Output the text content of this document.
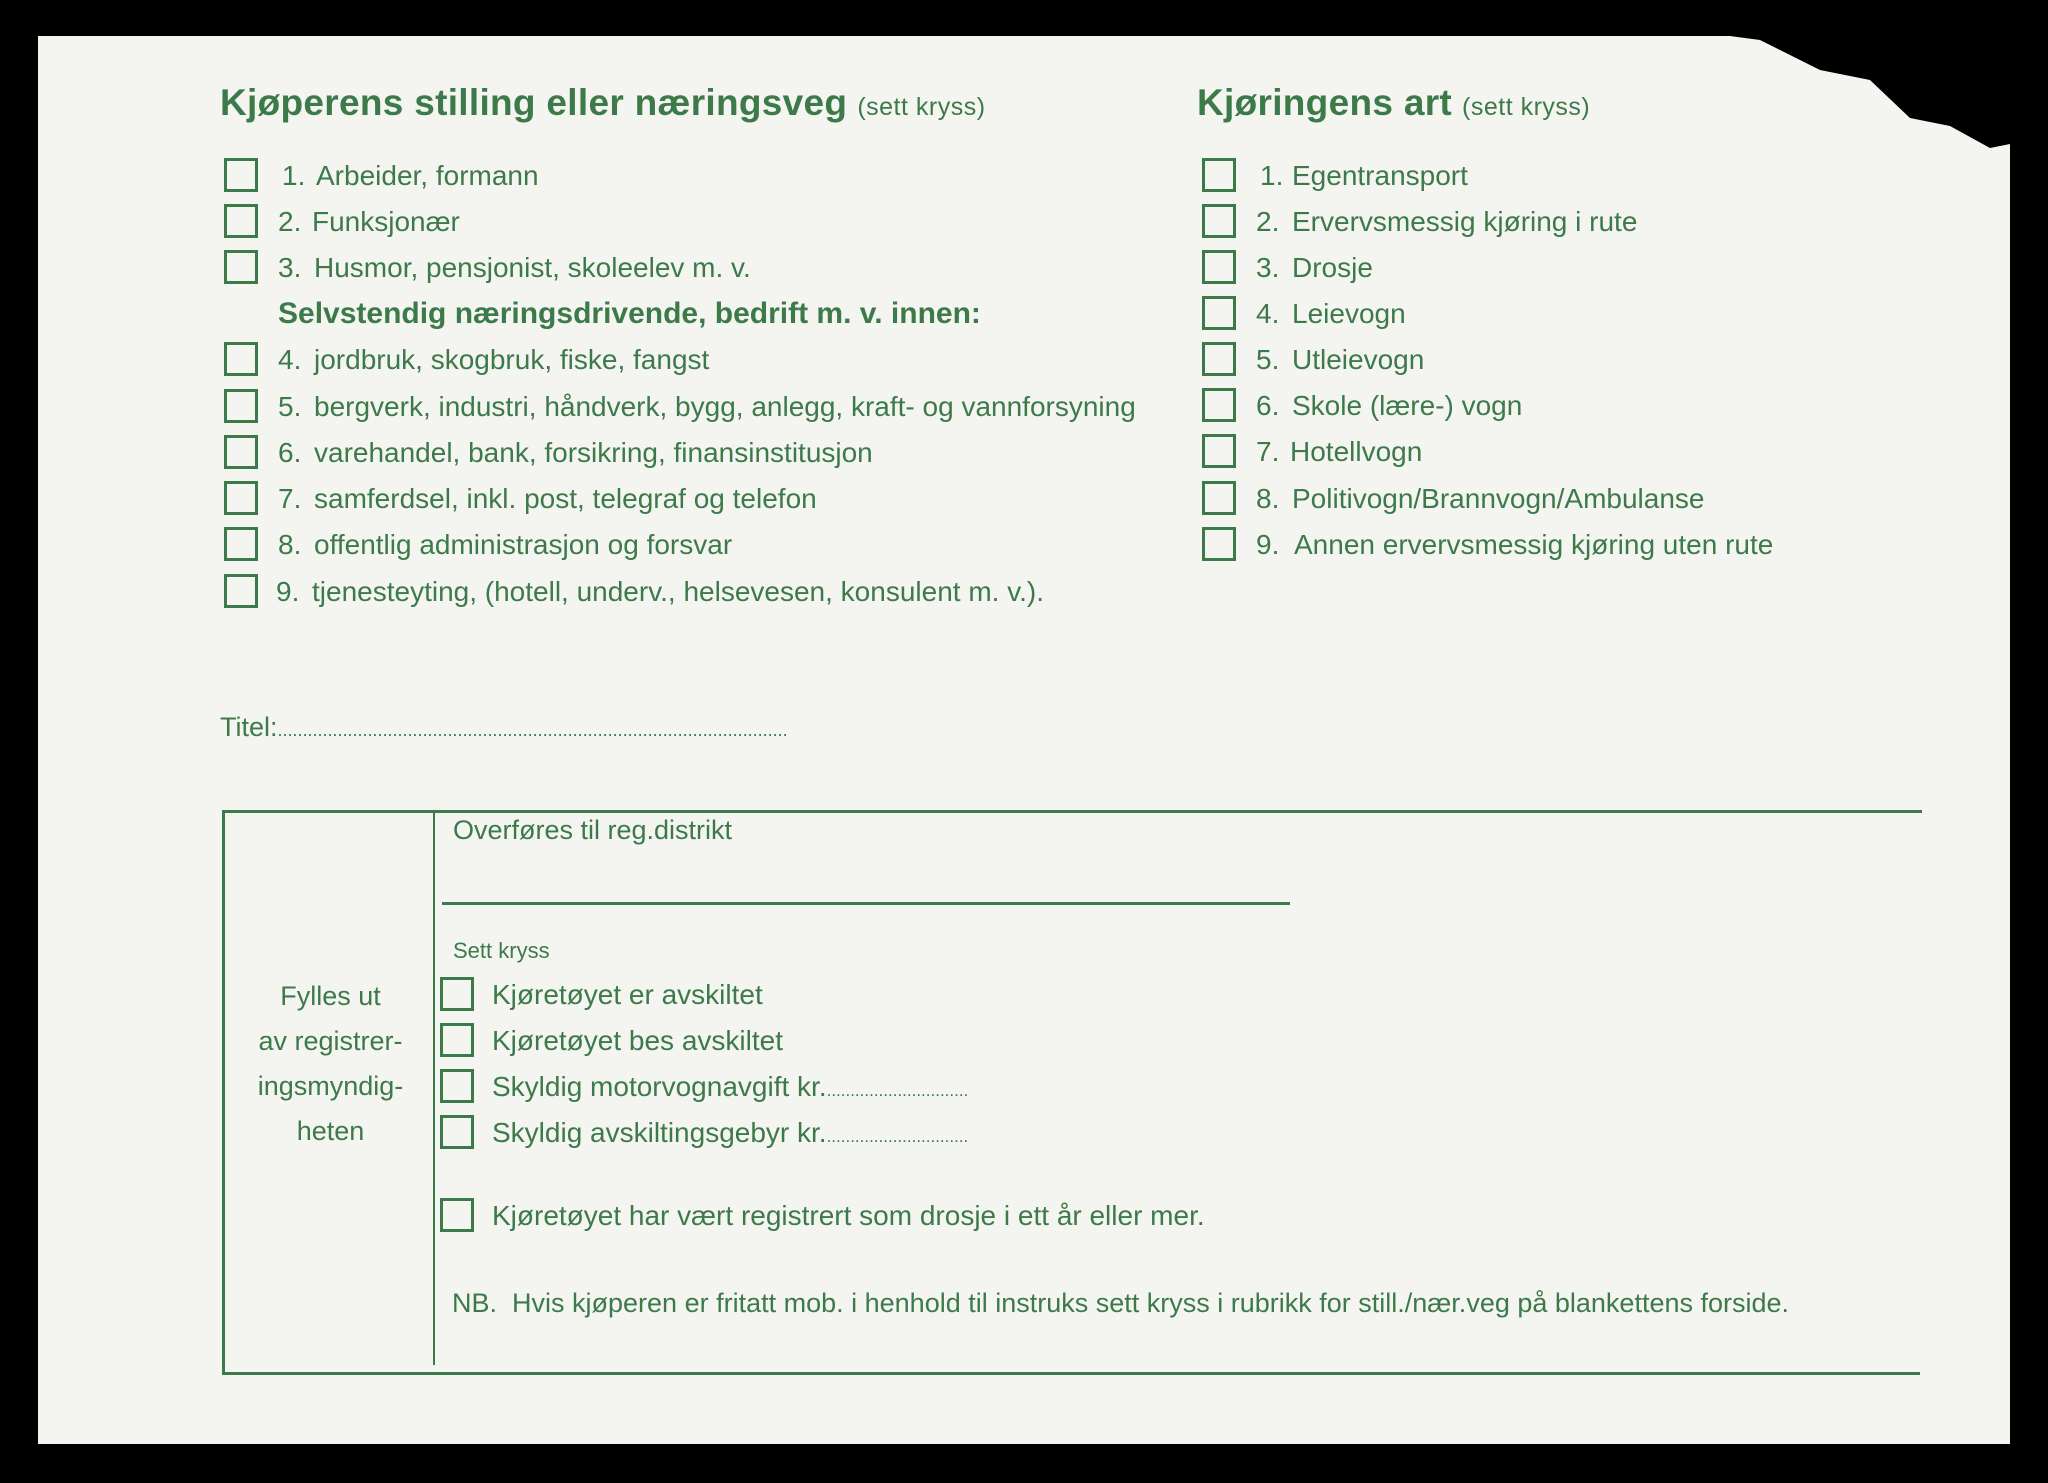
Kjøperens stilling eller næringsveg (sett kryss)
1. Arbeider, formann
2. Funksjonær
3. Husmor, pensjonist, skoleelev m. v.
Selvstendig næringsdrivende, bedrift m. v. innen:
4. jordbruk, skogbruk, fiske, fangst
5. bergverk, industri, håndverk, bygg, anlegg, kraft- og vannforsyning
6. varehandel, bank, forsikring, finansinstitusjon
7. samferdsel, inkl. post, telegraf og telefon
8. offentlig administrasjon og forsvar
9. tjenesteyting, (hotell, underv., helsevesen, konsulent m. v.).
Kjøringens art (sett kryss)
1. Egentransport
2. Ervervsmessig kjøring i rute
3. Drosje
4. Leievogn
5. Utleievogn
6. Skole (lære-) vogn
7. Hotellvogn
8. Politivogn/Brannvogn/Ambulanse
9. Annen ervervsmessig kjøring uten rute
Titel:......................................................................................................
Fylles ut
av registrer-
ingsmyndig-
heten
Overføres til reg.distrikt
Sett kryss
Kjøretøyet er avskiltet
Kjøretøyet bes avskiltet
Skyldig motorvognavgift kr...............................
Skyldig avskiltingsgebyr kr...............................
Kjøretøyet har vært registrert som drosje i ett år eller mer.
NB. Hvis kjøperen er fritatt mob. i henhold til instruks sett kryss i rubrikk for still./nær.veg på blankettens forside.
